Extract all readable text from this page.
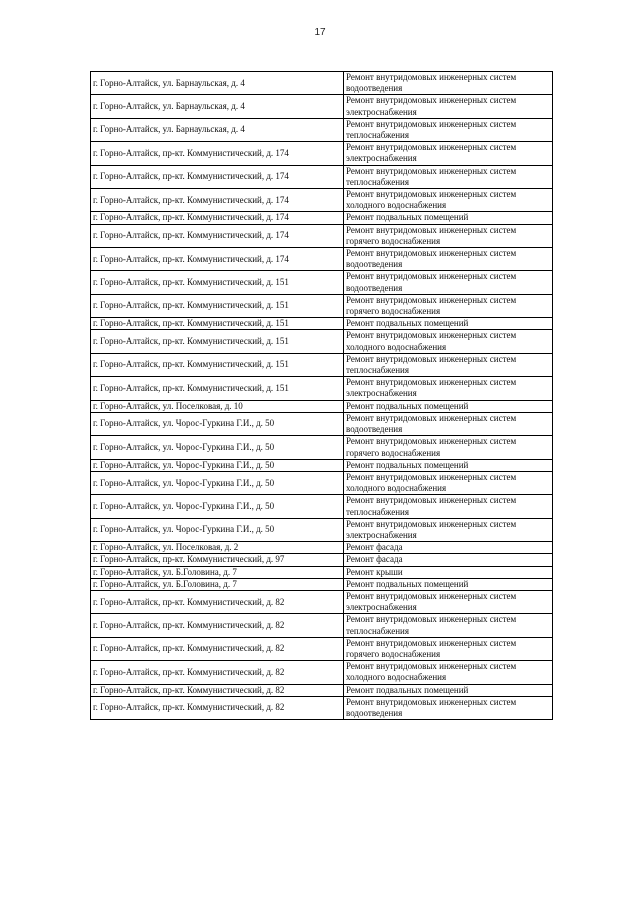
17
г. Горно-Алтайск, ул. Барнаульская, д. 4	Ремонт внутридомовых инженерных систем водоотведения
г. Горно-Алтайск, ул. Барнаульская, д. 4	Ремонт внутридомовых инженерных систем электроснабжения
г. Горно-Алтайск, ул. Барнаульская, д. 4	Ремонт внутридомовых инженерных систем теплоснабжения
г. Горно-Алтайск, пр-кт. Коммунистический, д. 174	Ремонт внутридомовых инженерных систем электроснабжения
г. Горно-Алтайск, пр-кт. Коммунистический, д. 174	Ремонт внутридомовых инженерных систем теплоснабжения
г. Горно-Алтайск, пр-кт. Коммунистический, д. 174	Ремонт внутридомовых инженерных систем холодного водоснабжения
г. Горно-Алтайск, пр-кт. Коммунистический, д. 174	Ремонт подвальных помещений
г. Горно-Алтайск, пр-кт. Коммунистический, д. 174	Ремонт внутридомовых инженерных систем горячего водоснабжения
г. Горно-Алтайск, пр-кт. Коммунистический, д. 174	Ремонт внутридомовых инженерных систем водоотведения
г. Горно-Алтайск, пр-кт. Коммунистический, д. 151	Ремонт внутридомовых инженерных систем водоотведения
г. Горно-Алтайск, пр-кт. Коммунистический, д. 151	Ремонт внутридомовых инженерных систем горячего водоснабжения
г. Горно-Алтайск, пр-кт. Коммунистический, д. 151	Ремонт подвальных помещений
г. Горно-Алтайск, пр-кт. Коммунистический, д. 151	Ремонт внутридомовых инженерных систем холодного водоснабжения
г. Горно-Алтайск, пр-кт. Коммунистический, д. 151	Ремонт внутридомовых инженерных систем теплоснабжения
г. Горно-Алтайск, пр-кт. Коммунистический, д. 151	Ремонт внутридомовых инженерных систем электроснабжения
г. Горно-Алтайск, ул. Поселковая, д. 10	Ремонт подвальных помещений
г. Горно-Алтайск, ул. Чорос-Гуркина Г.И., д. 50	Ремонт внутридомовых инженерных систем водоотведения
г. Горно-Алтайск, ул. Чорос-Гуркина Г.И., д. 50	Ремонт внутридомовых инженерных систем горячего водоснабжения
г. Горно-Алтайск, ул. Чорос-Гуркина Г.И., д. 50	Ремонт подвальных помещений
г. Горно-Алтайск, ул. Чорос-Гуркина Г.И., д. 50	Ремонт внутридомовых инженерных систем холодного водоснабжения
г. Горно-Алтайск, ул. Чорос-Гуркина Г.И., д. 50	Ремонт внутридомовых инженерных систем теплоснабжения
г. Горно-Алтайск, ул. Чорос-Гуркина Г.И., д. 50	Ремонт внутридомовых инженерных систем электроснабжения
г. Горно-Алтайск, ул. Поселковая, д. 2	Ремонт фасада
г. Горно-Алтайск, пр-кт. Коммунистический, д. 97	Ремонт фасада
г. Горно-Алтайск, ул. Б.Головина, д. 7	Ремонт крыши
г. Горно-Алтайск, ул. Б.Головина, д. 7	Ремонт подвальных помещений
г. Горно-Алтайск, пр-кт. Коммунистический, д. 82	Ремонт внутридомовых инженерных систем электроснабжения
г. Горно-Алтайск, пр-кт. Коммунистический, д. 82	Ремонт внутридомовых инженерных систем теплоснабжения
г. Горно-Алтайск, пр-кт. Коммунистический, д. 82	Ремонт внутридомовых инженерных систем горячего водоснабжения
г. Горно-Алтайск, пр-кт. Коммунистический, д. 82	Ремонт внутридомовых инженерных систем холодного водоснабжения
г. Горно-Алтайск, пр-кт. Коммунистический, д. 82	Ремонт подвальных помещений
г. Горно-Алтайск, пр-кт. Коммунистический, д. 82	Ремонт внутридомовых инженерных систем водоотведения
